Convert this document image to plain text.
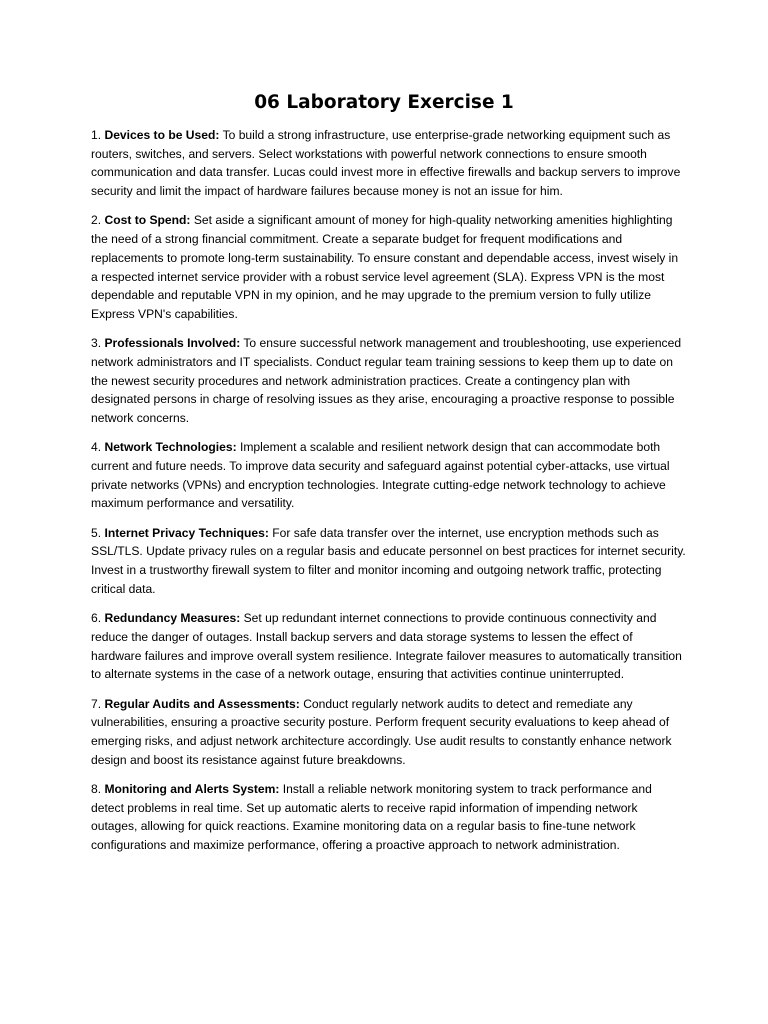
06 Laboratory Exercise 1

1. Devices to be Used: To build a strong infrastructure, use enterprise-grade networking equipment such as routers, switches, and servers. Select workstations with powerful network connections to ensure smooth communication and data transfer. Lucas could invest more in effective firewalls and backup servers to improve security and limit the impact of hardware failures because money is not an issue for him.

2. Cost to Spend: Set aside a significant amount of money for high-quality networking amenities highlighting the need of a strong financial commitment. Create a separate budget for frequent modifications and replacements to promote long-term sustainability. To ensure constant and dependable access, invest wisely in a respected internet service provider with a robust service level agreement (SLA). Express VPN is the most dependable and reputable VPN in my opinion, and he may upgrade to the premium version to fully utilize Express VPN's capabilities.

3. Professionals Involved: To ensure successful network management and troubleshooting, use experienced network administrators and IT specialists. Conduct regular team training sessions to keep them up to date on the newest security procedures and network administration practices. Create a contingency plan with designated persons in charge of resolving issues as they arise, encouraging a proactive response to possible network concerns.

4. Network Technologies: Implement a scalable and resilient network design that can accommodate both current and future needs. To improve data security and safeguard against potential cyber-attacks, use virtual private networks (VPNs) and encryption technologies. Integrate cutting-edge network technology to achieve maximum performance and versatility.

5. Internet Privacy Techniques: For safe data transfer over the internet, use encryption methods such as SSL/TLS. Update privacy rules on a regular basis and educate personnel on best practices for internet security. Invest in a trustworthy firewall system to filter and monitor incoming and outgoing network traffic, protecting critical data.

6. Redundancy Measures: Set up redundant internet connections to provide continuous connectivity and reduce the danger of outages. Install backup servers and data storage systems to lessen the effect of hardware failures and improve overall system resilience. Integrate failover measures to automatically transition to alternate systems in the case of a network outage, ensuring that activities continue uninterrupted.

7. Regular Audits and Assessments: Conduct regularly network audits to detect and remediate any vulnerabilities, ensuring a proactive security posture. Perform frequent security evaluations to keep ahead of emerging risks, and adjust network architecture accordingly. Use audit results to constantly enhance network design and boost its resistance against future breakdowns.

8. Monitoring and Alerts System: Install a reliable network monitoring system to track performance and detect problems in real time. Set up automatic alerts to receive rapid information of impending network outages, allowing for quick reactions. Examine monitoring data on a regular basis to fine-tune network configurations and maximize performance, offering a proactive approach to network administration.
